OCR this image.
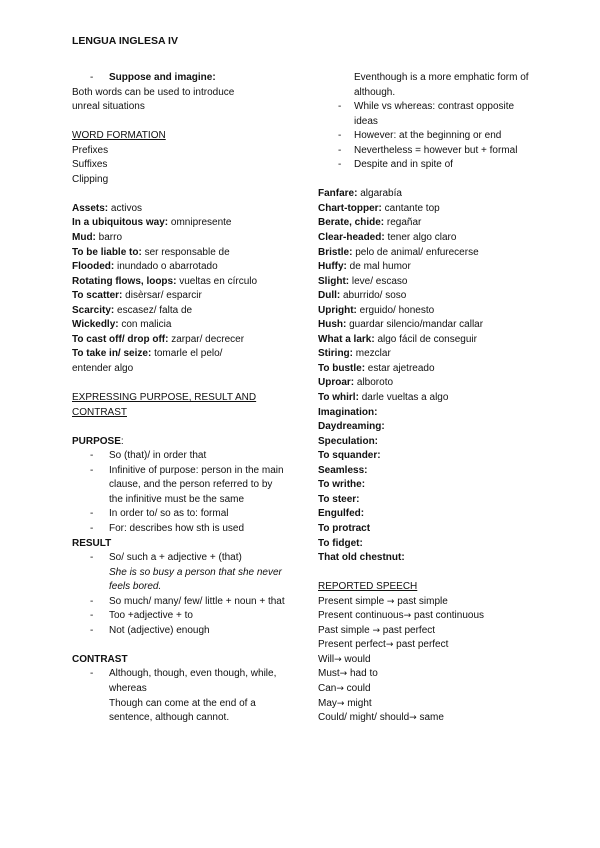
LENGUA INGLESA IV
-	Suppose and imagine:
Both words can be used to introduce
unreal situations
WORD FORMATION
Prefixes
Suffixes
Clipping
Assets: activos
In a ubiquitous way: omnipresente
Mud: barro
To be liable to: ser responsable de
Flooded: inundado o abarrotado
Rotating flows, loops: vueltas en círculo
To scatter: disèrsar/ esparcir
Scarcity: escasez/ falta de
Wickedly: con malicia
To cast off/ drop off: zarpar/ decrecer
To take in/ seize: tomarle el pelo/
entender algo
EXPRESSING PURPOSE, RESULT AND
CONTRAST
PURPOSE:
-	So (that)/ in order that
-	Infinitive of purpose: person in the main clause, and the person referred to by the infinitive must be the same
-	In order to/ so as to: formal
-	For: describes how sth is used
RESULT
-	So/ such a + adjective + (that)
She is so busy a person that she never feels bored.
-	So much/ many/ few/ little + noun + that
-	Too +adjective + to
-	Not (adjective) enough
CONTRAST
-	Although, though, even though, while, whereas
Though can come at the end of a sentence, although cannot.
Eventhough is a more emphatic form of although.
-	While vs whereas: contrast opposite ideas
-	However: at the beginning or end
-	Nevertheless = however but + formal
-	Despite and in spite of
Fanfare: algarabía
Chart-topper: cantante top
Berate, chide: regañar
Clear-headed: tener algo claro
Bristle: pelo de animal/ enfurecerse
Huffy: de mal humor
Slight: leve/ escaso
Dull: aburrido/ soso
Upright: erguido/ honesto
Hush: guardar silencio/mandar callar
What a lark: algo fácil de conseguir
Stiring: mezclar
To bustle: estar ajetreado
Uproar: alboroto
To whirl: darle vueltas a algo
Imagination:
Daydreaming:
Speculation:
To squander:
Seamless:
To writhe:
To steer:
Engulfed:
To protract
To fidget:
That old chestnut:
REPORTED SPEECH
Present simple → past simple
Present continuous→ past continuous
Past simple → past perfect
Present perfect→ past perfect
Will→ would
Must→ had to
Can→ could
May→ might
Could/ might/ should→ same
